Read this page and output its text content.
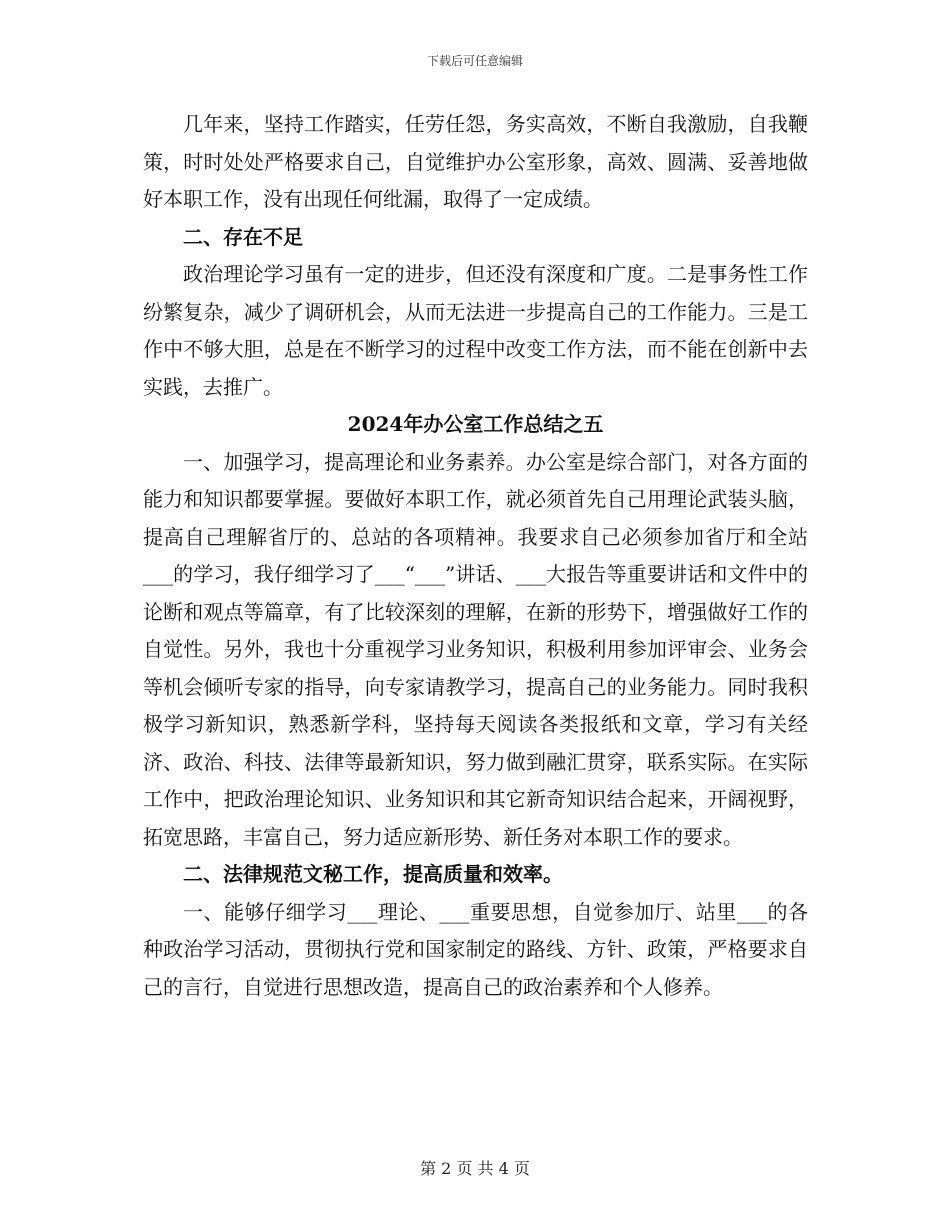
下载后可任意编辑

几年来，坚持工作踏实，任劳任怨，务实高效，不断自我激励，自我鞭策，时时处处严格要求自己，自觉维护办公室形象，高效、圆满、妥善地做好本职工作，没有出现任何纰漏，取得了一定成绩。

二、存在不足

政治理论学习虽有一定的进步，但还没有深度和广度。二是事务性工作纷繁复杂，减少了调研机会，从而无法进一步提高自己的工作能力。三是工作中不够大胆，总是在不断学习的过程中改变工作方法，而不能在创新中去实践，去推广。

2024年办公室工作总结之五

一、加强学习，提高理论和业务素养。办公室是综合部门，对各方面的能力和知识都要掌握。要做好本职工作，就必须首先自己用理论武装头脑，提高自己理解省厅的、总站的各项精神。我要求自己必须参加省厅和全站___的学习，我仔细学习了___“___”讲话、___大报告等重要讲话和文件中的论断和观点等篇章，有了比较深刻的理解，在新的形势下，增强做好工作的自觉性。另外，我也十分重视学习业务知识，积极利用参加评审会、业务会等机会倾听专家的指导，向专家请教学习，提高自己的业务能力。同时我积极学习新知识，熟悉新学科，坚持每天阅读各类报纸和文章，学习有关经济、政治、科技、法律等最新知识，努力做到融汇贯穿，联系实际。在实际工作中，把政治理论知识、业务知识和其它新奇知识结合起来，开阔视野，拓宽思路，丰富自己，努力适应新形势、新任务对本职工作的要求。

二、法律规范文秘工作，提高质量和效率。

一、能够仔细学习___理论、___重要思想，自觉参加厅、站里___的各种政治学习活动，贯彻执行党和国家制定的路线、方针、政策，严格要求自己的言行，自觉进行思想改造，提高自己的政治素养和个人修养。

第 2 页 共 4 页
